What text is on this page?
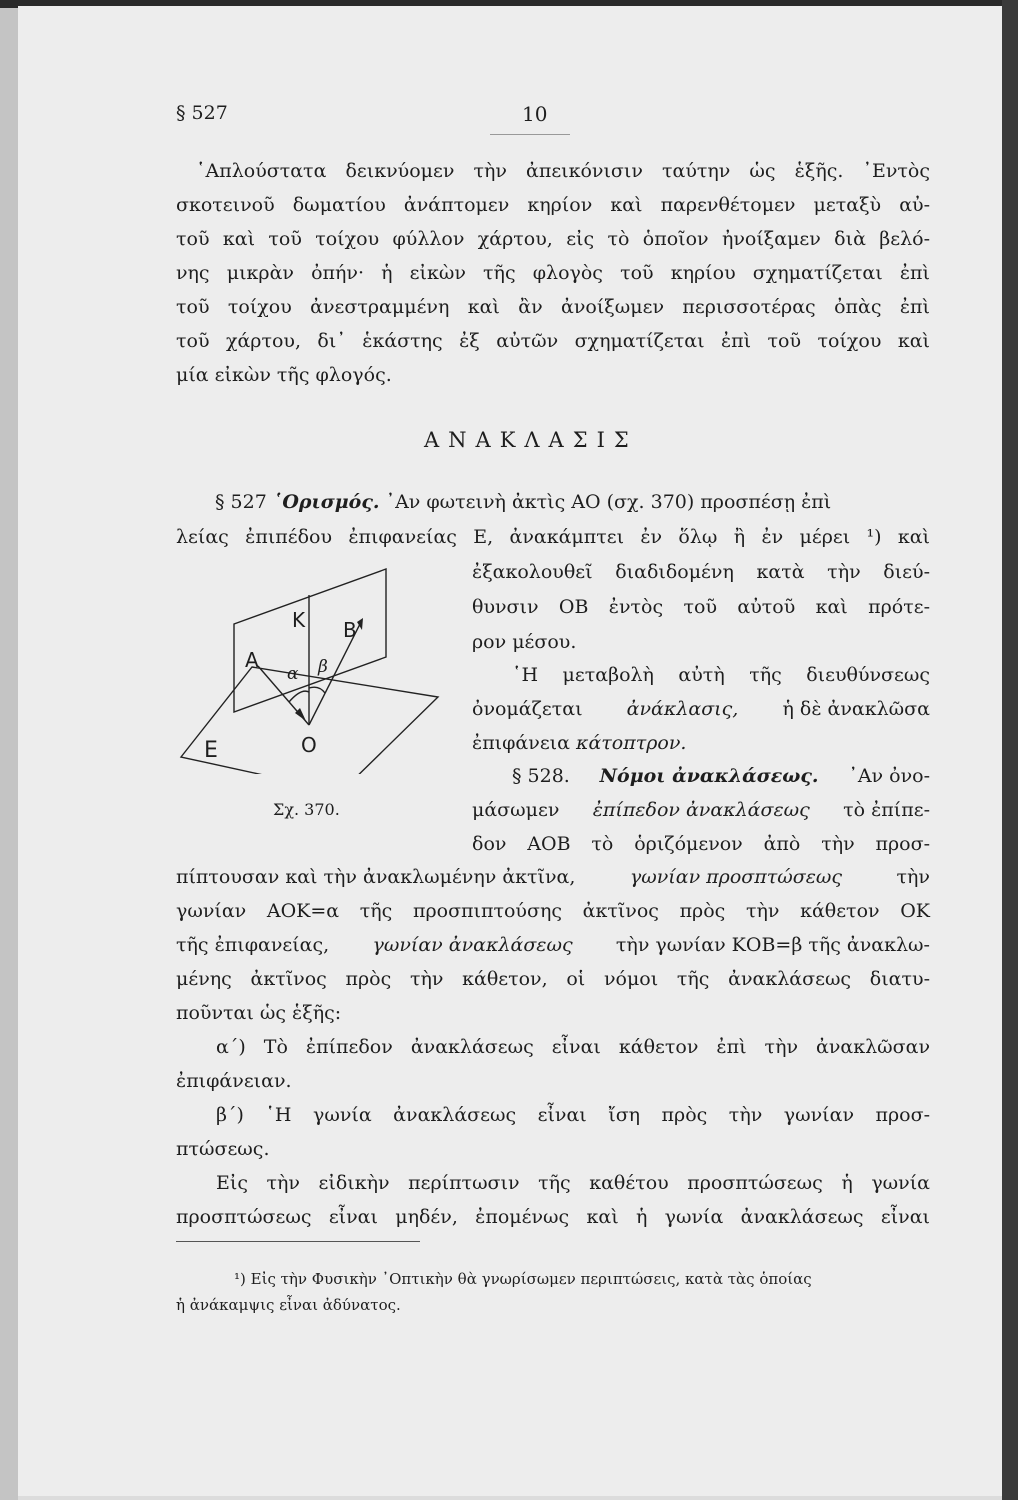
§ 527	10
῾Απλούστατα δεικνύομεν τὴν ἀπεικόνισιν ταύτην ὡς ἑξῆς. ᾿Εντὸς
σκοτεινοῦ δωματίου ἀνάπτομεν κηρίον καὶ παρενθέτομεν μεταξὺ αὐ-
τοῦ καὶ τοῦ τοίχου φύλλον χάρτου, εἰς τὸ ὁποῖον ἠνοίξαμεν διὰ βελό-
νης μικρὰν ὀπήν· ἡ εἰκὼν τῆς φλογὸς τοῦ κηρίου σχηματίζεται ἐπὶ
τοῦ τοίχου ἀνεστραμμένη καὶ ἂν ἀνοίξωμεν περισσοτέρας ὀπὰς ἐπὶ
τοῦ χάρτου, δι᾿ ἑκάστης ἐξ αὐτῶν σχηματίζεται ἐπὶ τοῦ τοίχου καὶ
μία εἰκὼν τῆς φλογός.
ΑΝΑΚΛΑΣΙΣ
§ 527 ῾Ορισμός. ᾿Αν φωτεινὴ ἀκτὶς ΑΟ (σχ. 370) προσπέσῃ ἐπὶ
λείας ἐπιπέδου ἐπιφανείας Ε, ἀνακάμπτει ἐν ὅλῳ ἢ ἐν μέρει ¹) καὶ
ἐξακολουθεῖ διαδιδομένη κατὰ τὴν διεύ-
θυνσιν ΟΒ ἐντὸς τοῦ αὐτοῦ καὶ πρότε-
ρον μέσου.
῾Η μεταβολὴ αὐτὴ τῆς διευθύνσεως
ὀνομάζεται ἀνάκλασις, ἡ δὲ ἀνακλῶσα
ἐπιφάνεια κάτοπτρον.
§ 528. Νόμοι ἀνακλάσεως. ᾿Αν ὀνο-
μάσωμεν ἐπίπεδον ἀνακλάσεως τὸ ἐπίπε-
δον ΑΟΒ τὸ ὁριζόμενον ἀπὸ τὴν προσ-
πίπτουσαν καὶ τὴν ἀνακλωμένην ἀκτῖνα,	γωνίαν προσπτώσεως	τὴν
γωνίαν ΑΟΚ=α τῆς προσπιπτούσης ἀκτῖνος πρὸς τὴν κάθετον ΟΚ
τῆς ἐπιφανείας, γωνίαν ἀνακλάσεως τὴν γωνίαν ΚΟΒ=β τῆς ἀνακλω-
μένης ἀκτῖνος πρὸς τὴν κάθετον, οἱ νόμοι τῆς ἀνακλάσεως διατυ-
ποῦνται ὡς ἑξῆς:
α΄) Τὸ ἐπίπεδον ἀνακλάσεως εἶναι κάθετον ἐπὶ τὴν ἀνακλῶσαν
ἐπιφάνειαν.
β΄) ῾Η γωνία ἀνακλάσεως εἶναι ἴση πρὸς τὴν γωνίαν προσ-
πτώσεως.
Εἰς τὴν εἰδικὴν περίπτωσιν τῆς καθέτου προσπτώσεως ἡ γωνία
προσπτώσεως εἶναι μηδέν, ἐπομένως καὶ ἡ γωνία ἀνακλάσεως εἶναι
A
K B
α β
O
E
Σχ. 370.
¹) Εἰς τὴν Φυσικὴν ᾿Οπτικὴν θὰ γνωρίσωμεν περιπτώσεις, κατὰ τὰς ὁποίας
ἡ ἀνάκαμψις εἶναι ἀδύνατος.
